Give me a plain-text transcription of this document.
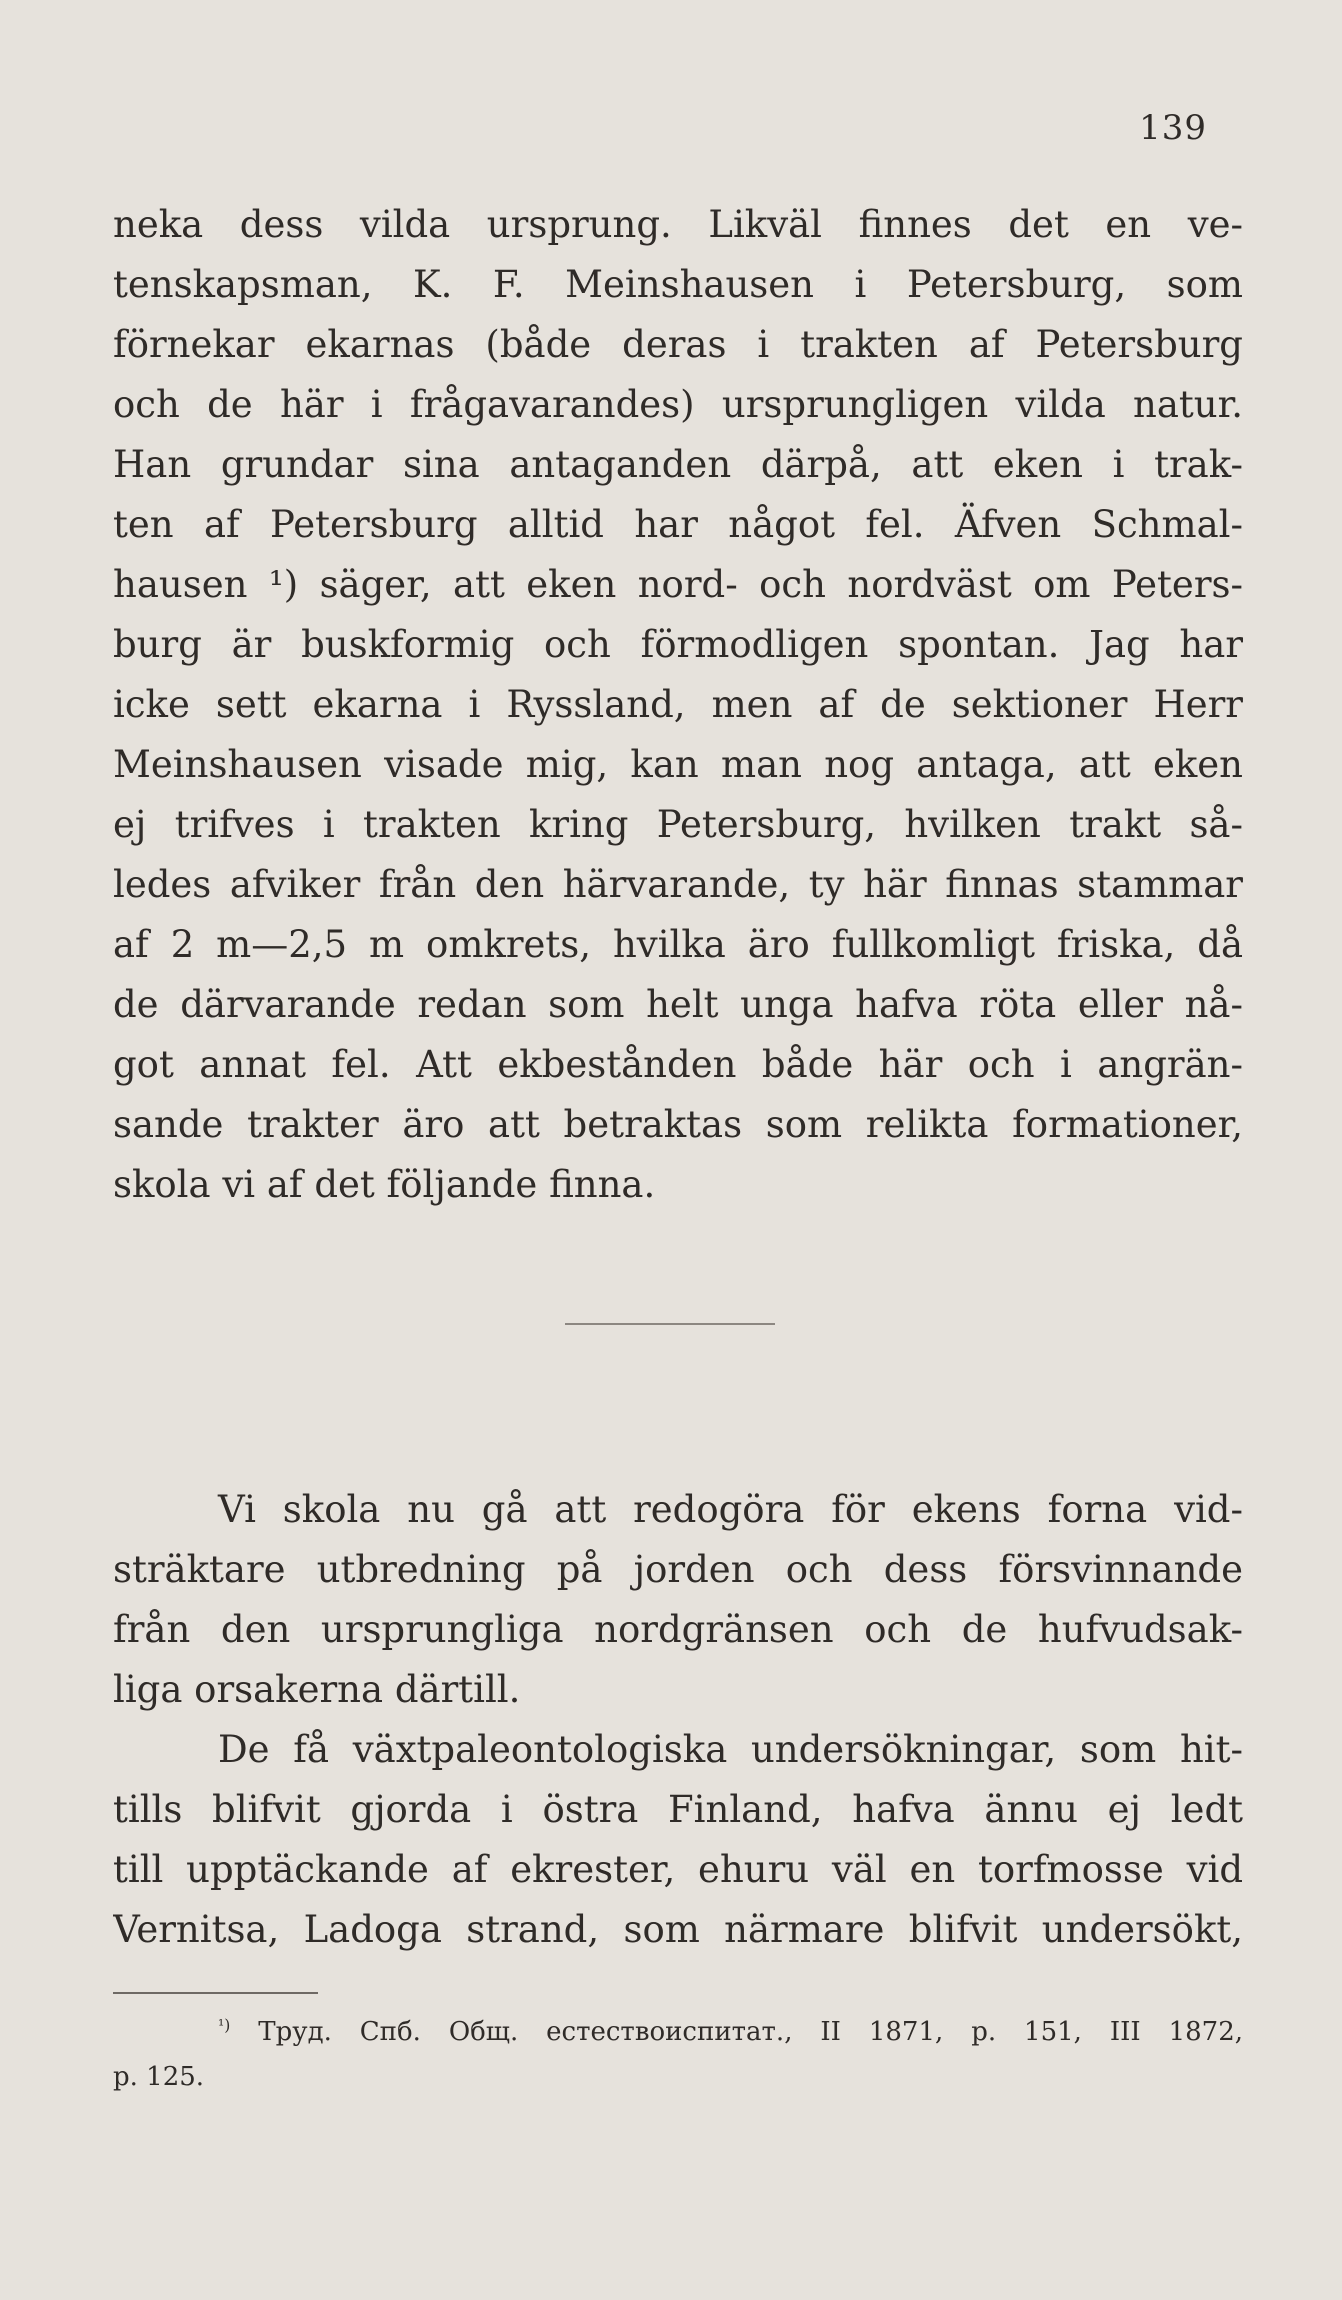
139
neka dess vilda ursprung. Likväl finnes det en ve-
tenskapsman, K. F. Meinshausen i Petersburg, som
förnekar ekarnas (både deras i trakten af Petersburg
och de här i frågavarandes) ursprungligen vilda natur.
Han grundar sina antaganden därpå, att eken i trak-
ten af Petersburg alltid har något fel. Äfven Schmal-
hausen ¹) säger, att eken nord- och nordväst om Peters-
burg är buskformig och förmodligen spontan. Jag har
icke sett ekarna i Ryssland, men af de sektioner Herr
Meinshausen visade mig, kan man nog antaga, att eken
ej trifves i trakten kring Petersburg, hvilken trakt så-
ledes afviker från den härvarande, ty här finnas stammar
af 2 m—2,5 m omkrets, hvilka äro fullkomligt friska, då
de därvarande redan som helt unga hafva röta eller nå-
got annat fel. Att ekbestånden både här och i angrän-
sande trakter äro att betraktas som relikta formationer,
skola vi af det följande finna.
Vi skola nu gå att redogöra för ekens forna vid-
sträktare utbredning på jorden och dess försvinnande
från den ursprungliga nordgränsen och de hufvudsak-
liga orsakerna därtill.
De få växtpaleontologiska undersökningar, som hit-
tills blifvit gjorda i östra Finland, hafva ännu ej ledt
till upptäckande af ekrester, ehuru väl en torfmosse vid
Vernitsa, Ladoga strand, som närmare blifvit undersökt,
$^{^1)}$ Труд. Спб. Общ. естествоиспитат., II 1871, p. 151, III 1872,
p. 125.
